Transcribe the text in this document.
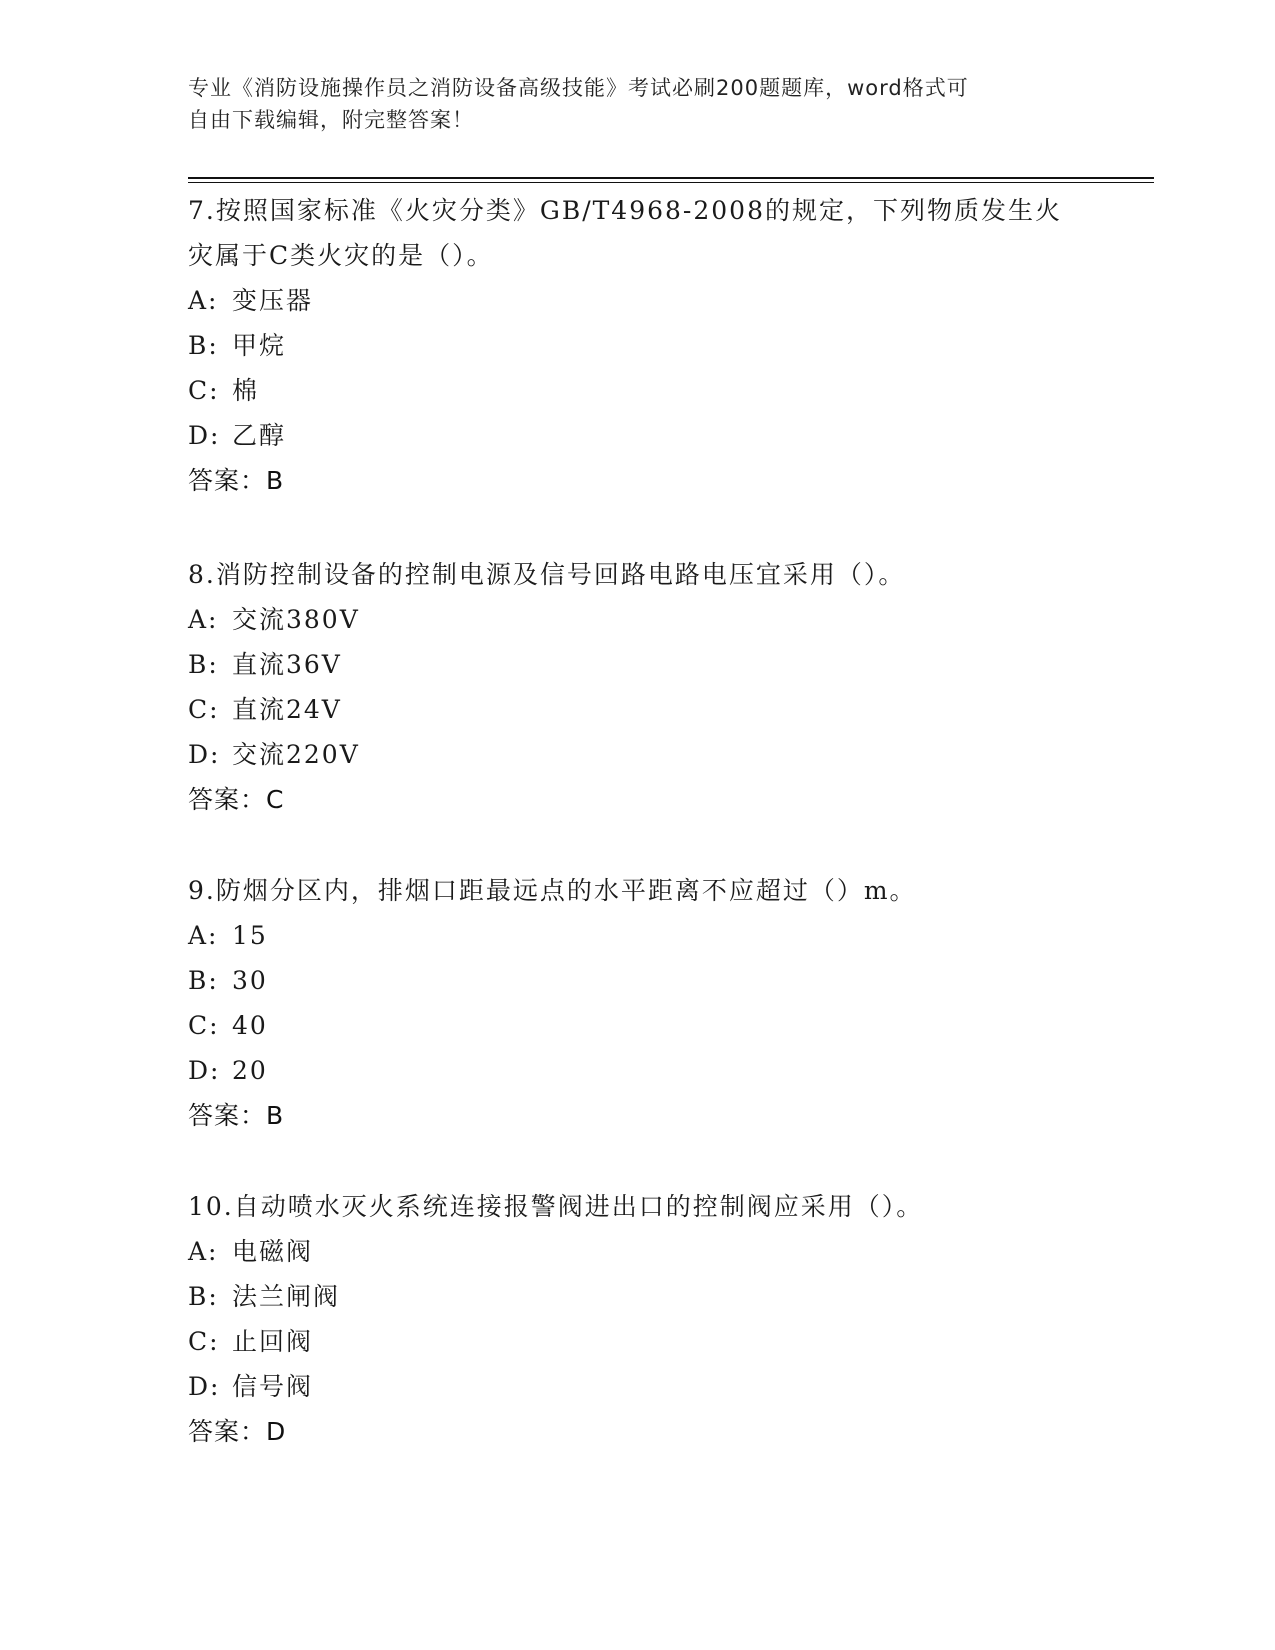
专业《消防设施操作员之消防设备高级技能》考试必刷200题题库，word格式可
自由下载编辑，附完整答案！
7.按照国家标准《火灾分类》GB/T4968-2008的规定，下列物质发生火
灾属于C类火灾的是（）。
A: 变压器
B: 甲烷
C: 棉
D: 乙醇
答案：B
8.消防控制设备的控制电源及信号回路电路电压宜采用（）。
A: 交流380V
B: 直流36V
C: 直流24V
D: 交流220V
答案：C
9.防烟分区内，排烟口距最远点的水平距离不应超过（）m。
A: 15
B: 30
C: 40
D: 20
答案：B
10.自动喷水灭火系统连接报警阀进出口的控制阀应采用（）。
A: 电磁阀
B: 法兰闸阀
C: 止回阀
D: 信号阀
答案：D
